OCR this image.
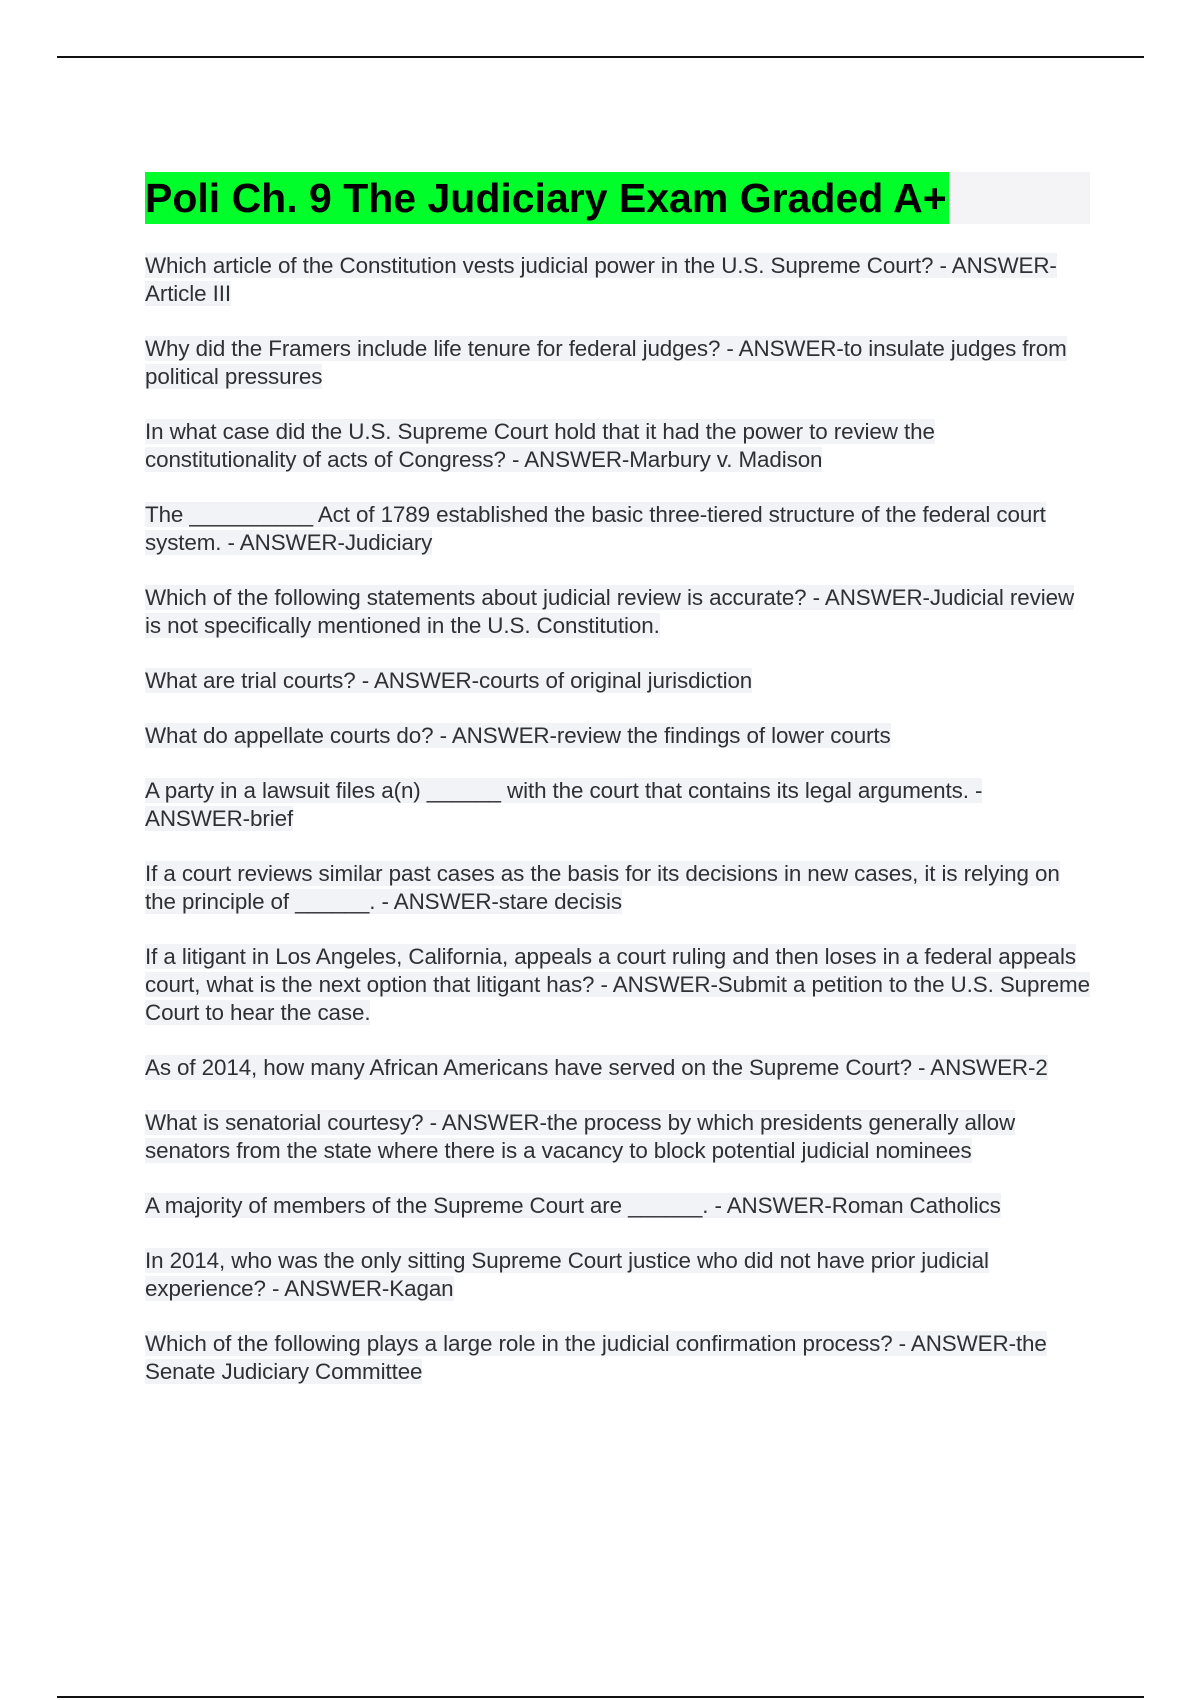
Poli Ch. 9 The Judiciary Exam Graded A+
Which article of the Constitution vests judicial power in the U.S. Supreme Court? - ANSWER-Article III
Why did the Framers include life tenure for federal judges? - ANSWER-to insulate judges from political pressures
In what case did the U.S. Supreme Court hold that it had the power to review the constitutionality of acts of Congress? - ANSWER-Marbury v. Madison
The __________ Act of 1789 established the basic three-tiered structure of the federal court system. - ANSWER-Judiciary
Which of the following statements about judicial review is accurate? - ANSWER-Judicial review is not specifically mentioned in the U.S. Constitution.
What are trial courts? - ANSWER-courts of original jurisdiction
What do appellate courts do? - ANSWER-review the findings of lower courts
A party in a lawsuit files a(n) ______ with the court that contains its legal arguments. - ANSWER-brief
If a court reviews similar past cases as the basis for its decisions in new cases, it is relying on the principle of ______. - ANSWER-stare decisis
If a litigant in Los Angeles, California, appeals a court ruling and then loses in a federal appeals court, what is the next option that litigant has? - ANSWER-Submit a petition to the U.S. Supreme Court to hear the case.
As of 2014, how many African Americans have served on the Supreme Court? - ANSWER-2
What is senatorial courtesy? - ANSWER-the process by which presidents generally allow senators from the state where there is a vacancy to block potential judicial nominees
A majority of members of the Supreme Court are ______. - ANSWER-Roman Catholics
In 2014, who was the only sitting Supreme Court justice who did not have prior judicial experience? - ANSWER-Kagan
Which of the following plays a large role in the judicial confirmation process? - ANSWER-the Senate Judiciary Committee
